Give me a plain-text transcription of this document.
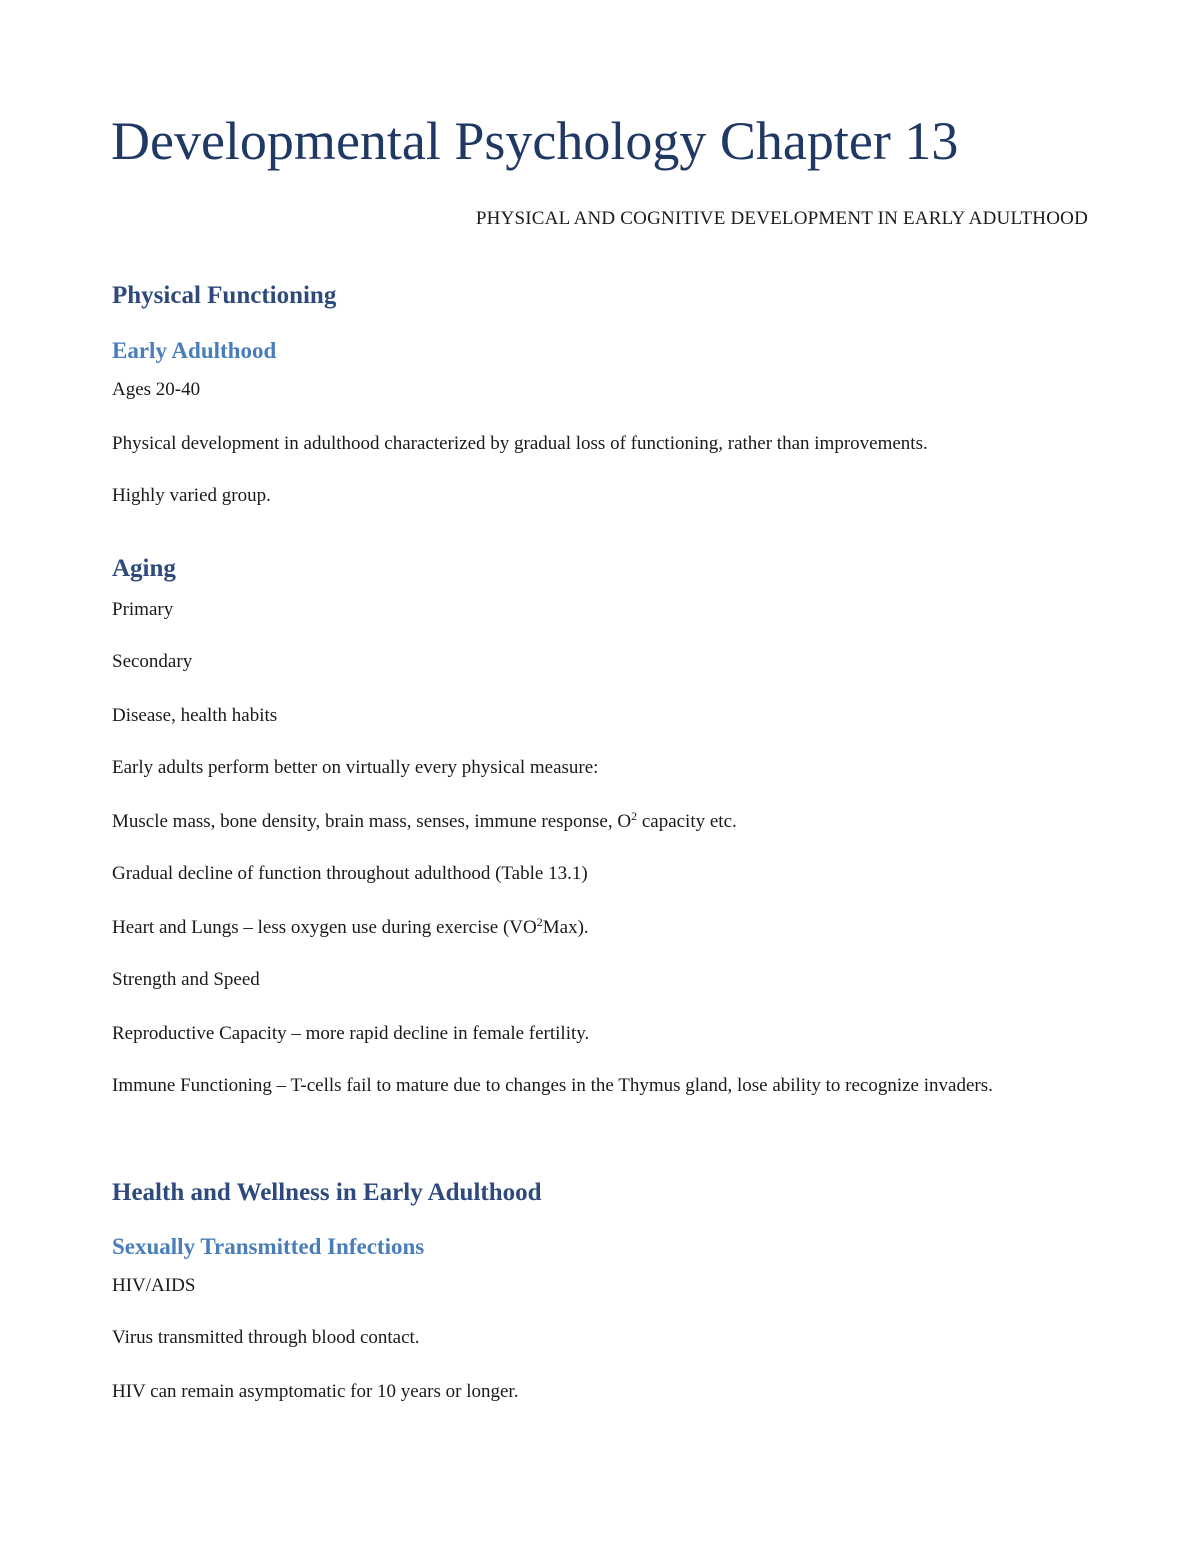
Developmental Psychology Chapter 13

PHYSICAL AND COGNITIVE DEVELOPMENT IN EARLY ADULTHOOD

Physical Functioning
Early Adulthood

Ages 20-40

Physical development in adulthood characterized by gradual loss of functioning, rather than improvements.

Highly varied group.

Aging

Primary

Secondary

Disease, health habits

Early adults perform better on virtually every physical measure:

Muscle mass, bone density, brain mass, senses, immune response, $O^2$ capacity etc.

Gradual decline of function throughout adulthood (Table 13.1)

Heart and Lungs – less oxygen use during exercise $(VO^2Max)$.

Strength and Speed

Reproductive Capacity – more rapid decline in female fertility.

Immune Functioning – T-cells fail to mature due to changes in the Thymus gland, lose ability to recognize invaders.

Health and Wellness in Early Adulthood
Sexually Transmitted Infections

HIV/AIDS

Virus transmitted through blood contact.

HIV can remain asymptomatic for 10 years or longer.
